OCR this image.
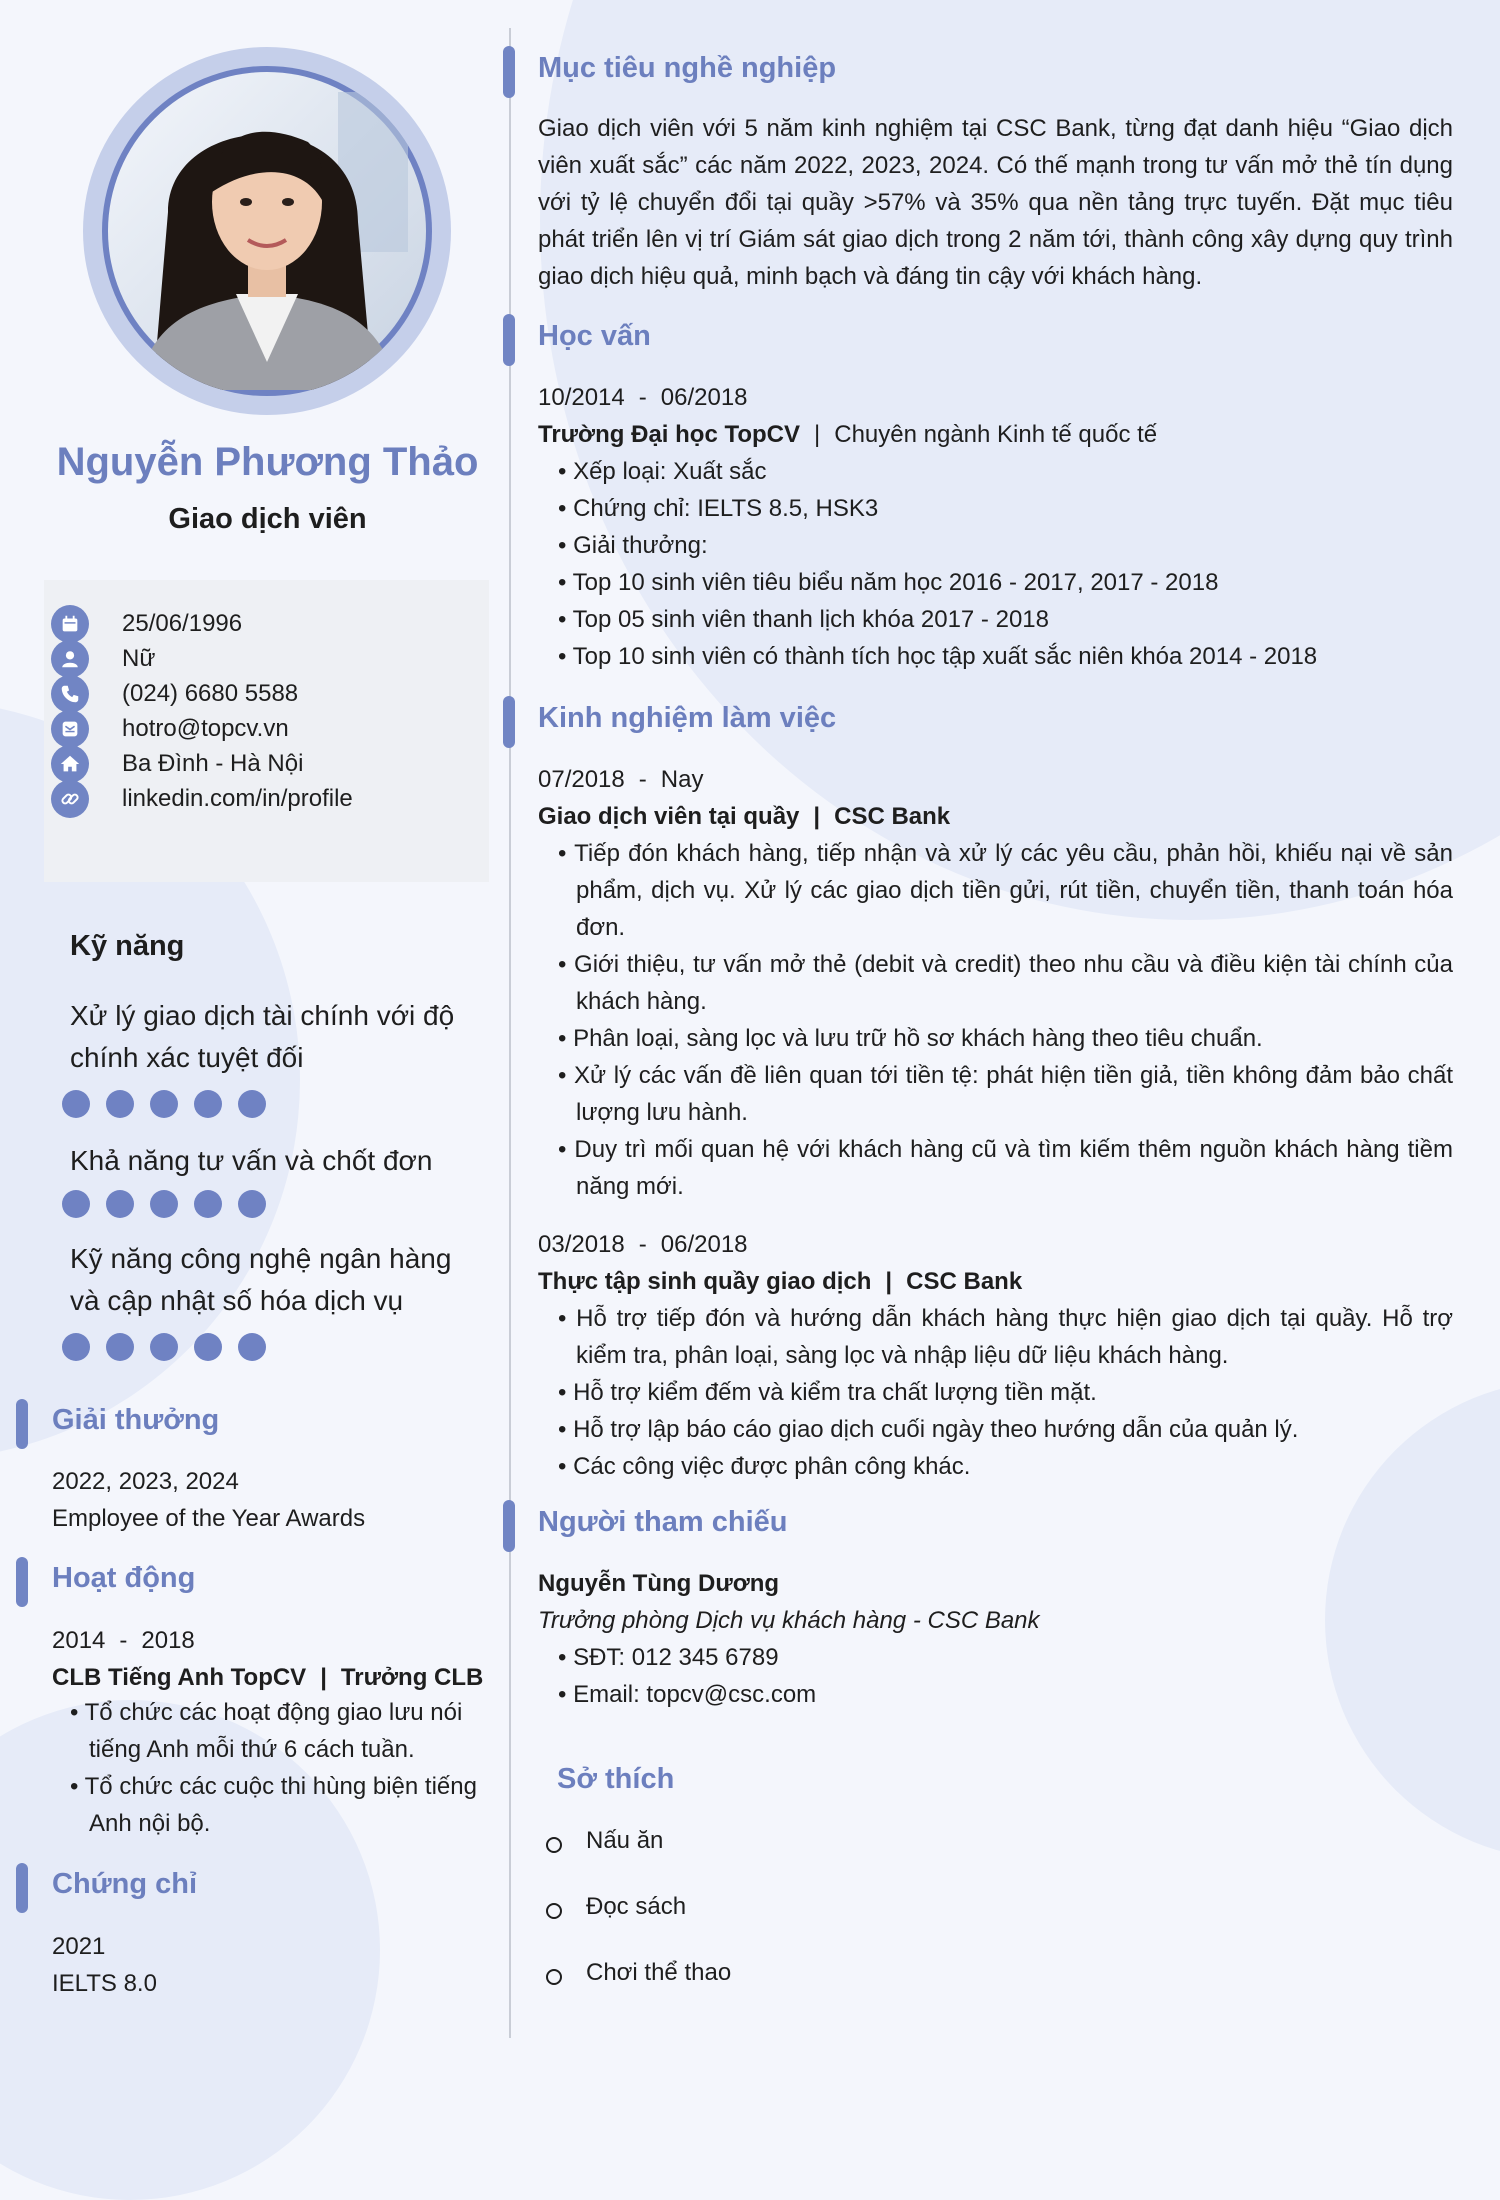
Nguyễn Phương Thảo
Giao dịch viên
25/06/1996
Nữ
(024) 6680 5588
hotro@topcv.vn
Ba Đình - Hà Nội
linkedin.com/in/profile
Kỹ năng
Xử lý giao dịch tài chính với độ chính xác tuyệt đối
Khả năng tư vấn và chốt đơn
Kỹ năng công nghệ ngân hàng và cập nhật số hóa dịch vụ
Giải thưởng
2022, 2023, 2024
Employee of the Year Awards
Hoạt động
2014 - 2018
CLB Tiếng Anh TopCV | Trưởng CLB
• Tổ chức các hoạt động giao lưu nói tiếng Anh mỗi thứ 6 cách tuần.
• Tổ chức các cuộc thi hùng biện tiếng Anh nội bộ.
Chứng chỉ
2021
IELTS 8.0
Mục tiêu nghề nghiệp
Giao dịch viên với 5 năm kinh nghiệm tại CSC Bank, từng đạt danh hiệu “Giao dịch viên xuất sắc” các năm 2022, 2023, 2024. Có thế mạnh trong tư vấn mở thẻ tín dụng với tỷ lệ chuyển đổi tại quầy >57% và 35% qua nền tảng trực tuyến. Đặt mục tiêu phát triển lên vị trí Giám sát giao dịch trong 2 năm tới, thành công xây dựng quy trình giao dịch hiệu quả, minh bạch và đáng tin cậy với khách hàng.
Học vấn
10/2014 - 06/2018
Trường Đại học TopCV | Chuyên ngành Kinh tế quốc tế
• Xếp loại: Xuất sắc
• Chứng chỉ: IELTS 8.5, HSK3
• Giải thưởng:
• Top 10 sinh viên tiêu biểu năm học 2016 - 2017, 2017 - 2018
• Top 05 sinh viên thanh lịch khóa 2017 - 2018
• Top 10 sinh viên có thành tích học tập xuất sắc niên khóa 2014 - 2018
Kinh nghiệm làm việc
07/2018 - Nay
Giao dịch viên tại quầy | CSC Bank
• Tiếp đón khách hàng, tiếp nhận và xử lý các yêu cầu, phản hồi, khiếu nại về sản phẩm, dịch vụ. Xử lý các giao dịch tiền gửi, rút tiền, chuyển tiền, thanh toán hóa đơn.
• Giới thiệu, tư vấn mở thẻ (debit và credit) theo nhu cầu và điều kiện tài chính của khách hàng.
• Phân loại, sàng lọc và lưu trữ hồ sơ khách hàng theo tiêu chuẩn.
• Xử lý các vấn đề liên quan tới tiền tệ: phát hiện tiền giả, tiền không đảm bảo chất lượng lưu hành.
• Duy trì mối quan hệ với khách hàng cũ và tìm kiếm thêm nguồn khách hàng tiềm năng mới.
03/2018 - 06/2018
Thực tập sinh quầy giao dịch | CSC Bank
• Hỗ trợ tiếp đón và hướng dẫn khách hàng thực hiện giao dịch tại quầy. Hỗ trợ kiểm tra, phân loại, sàng lọc và nhập liệu dữ liệu khách hàng.
• Hỗ trợ kiểm đếm và kiểm tra chất lượng tiền mặt.
• Hỗ trợ lập báo cáo giao dịch cuối ngày theo hướng dẫn của quản lý.
• Các công việc được phân công khác.
Người tham chiếu
Nguyễn Tùng Dương
Trưởng phòng Dịch vụ khách hàng - CSC Bank
• SĐT: 012 345 6789
• Email: topcv@csc.com
Sở thích
Nấu ăn
Đọc sách
Chơi thể thao
